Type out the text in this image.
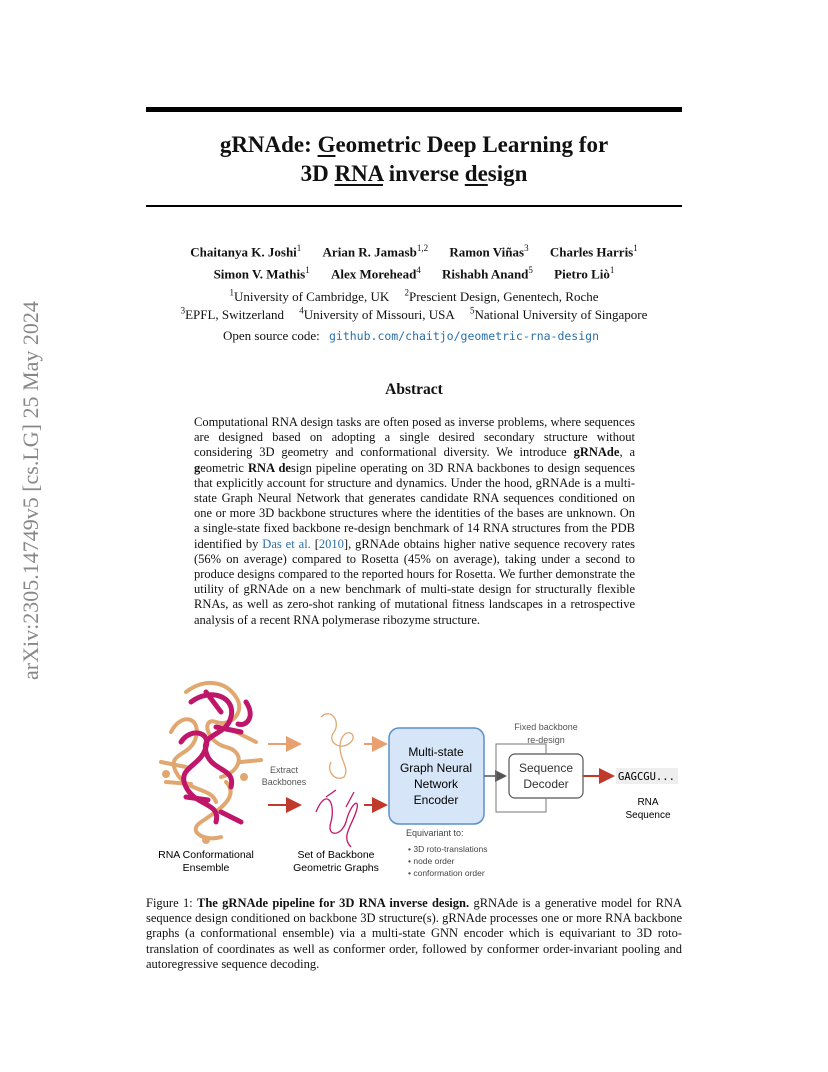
arXiv:2305.14749v5 [cs.LG] 25 May 2024
gRNAde: Geometric Deep Learning for
3D RNA inverse design
Chaitanya K. Joshi$^1$ Arian R. Jamasb$^{1,2}$ Ramon Viñas$^3$ Charles Harris$^1$
Simon V. Mathis$^1$ Alex Morehead$^4$ Rishabh Anand$^5$ Pietro Liò$^1$
$^1$University of Cambridge, UK $^2$Prescient Design, Genentech, Roche
$^3$EPFL, Switzerland $^4$University of Missouri, USA $^5$National University of Singapore
Open source code: github.com/chaitjo/geometric-rna-design
Abstract
Computational RNA design tasks are often posed as inverse problems, where sequences are designed based on adopting a single desired secondary structure without considering 3D geometry and conformational diversity. We introduce gRNAde, a geometric RNA design pipeline operating on 3D RNA backbones to design sequences that explicitly account for structure and dynamics. Under the hood, gRNAde is a multi-state Graph Neural Network that generates candidate RNA sequences conditioned on one or more 3D backbone structures where the identities of the bases are unknown. On a single-state fixed backbone re-design benchmark of 14 RNA structures from the PDB identified by Das et al. [2010], gRNAde obtains higher native sequence recovery rates (56% on average) compared to Rosetta (45% on average), taking under a second to produce designs compared to the reported hours for Rosetta. We further demonstrate the utility of gRNAde on a new benchmark of multi-state design for structurally flexible RNAs, as well as zero-shot ranking of mutational fitness landscapes in a retrospective analysis of a recent RNA polymerase ribozyme structure.
RNA Conformational
Ensemble
Extract
Backbones
Set of Backbone
Geometric Graphs
Multi-state
Graph Neural
Network
Encoder
Fixed backbone
re-design
Sequence
Decoder	GAGCGU...
RNA
Sequence
Equivariant to:
• 3D roto-translations
• node order
• conformation order
Figure 1: The gRNAde pipeline for 3D RNA inverse design. gRNAde is a generative model for RNA sequence design conditioned on backbone 3D structure(s). gRNAde processes one or more RNA backbone graphs (a conformational ensemble) via a multi-state GNN encoder which is equivariant to 3D roto-translation of coordinates as well as conformer order, followed by conformer order-invariant pooling and autoregressive sequence decoding.
